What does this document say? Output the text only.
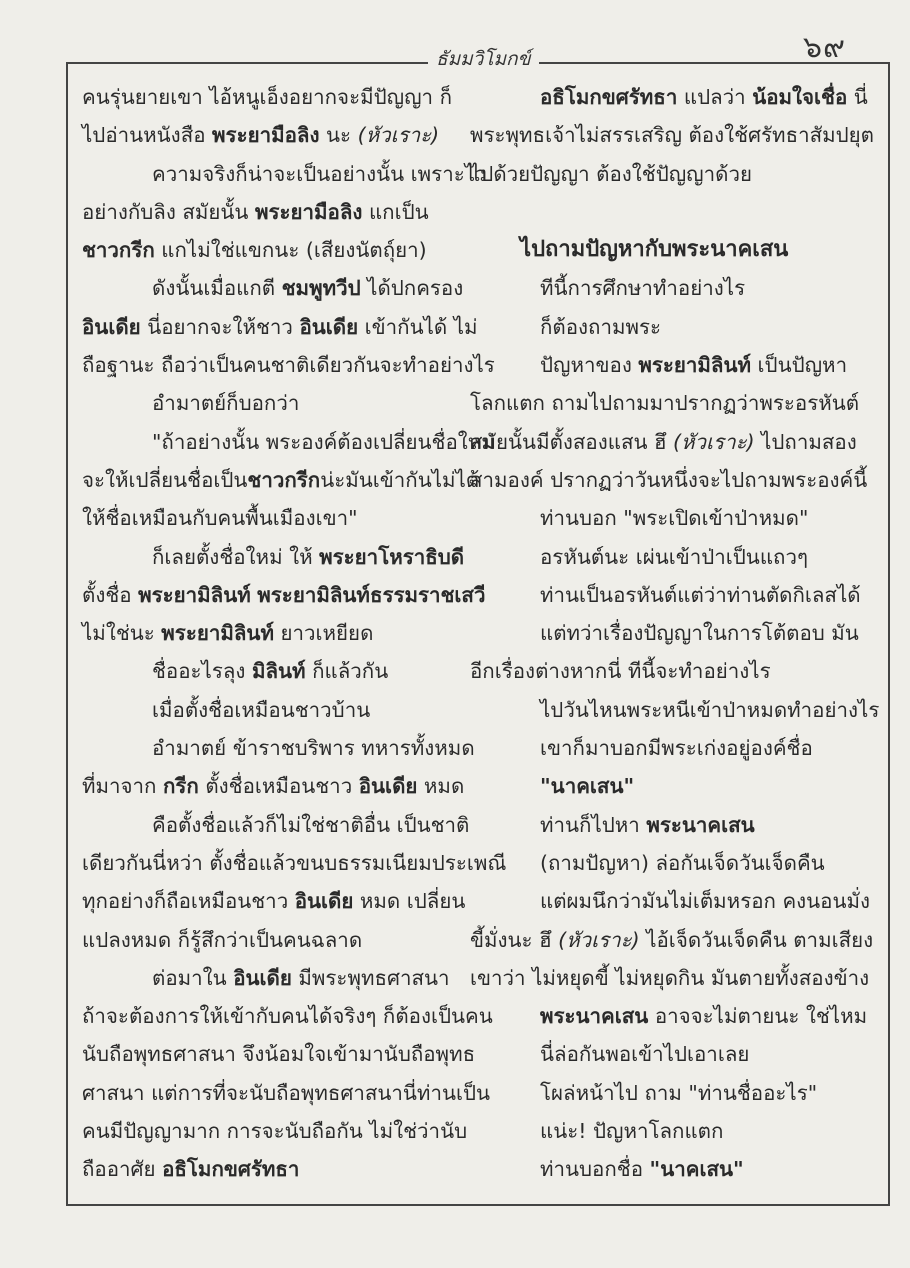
๖๙
ธัมมวิโมกข์
คนรุ่นยายเขา ไอ้หนูเอ็งอยากจะมีปัญญา ก็
ไปอ่านหนังสือ พระยามือลิง นะ (หัวเราะ)
ความจริงก็น่าจะเป็นอย่างนั้น เพราะไว
อย่างกับลิง สมัยนั้น พระยามือลิง แกเป็น
ชาวกรีก แกไม่ใช่แขกนะ (เสียงนัตถุ์ยา)
ดังนั้นเมื่อแกตี ชมพูทวีป ได้ปกครอง
อินเดีย นี่อยากจะให้ชาว อินเดีย เข้ากันได้ ไม่
ถือฐานะ ถือว่าเป็นคนชาติเดียวกันจะทำอย่างไร
อำมาตย์ก็บอกว่า
"ถ้าอย่างนั้น พระองค์ต้องเปลี่ยนชื่อใหม่
จะให้เปลี่ยนชื่อเป็นชาวกรีกน่ะมันเข้ากันไม่ได้
ให้ชื่อเหมือนกับคนพื้นเมืองเขา"
ก็เลยตั้งชื่อใหม่ ให้ พระยาโหราธิบดี
ตั้งชื่อ พระยามิลินท์ พระยามิลินท์ธรรมราชเสวี
ไม่ใช่นะ พระยามิลินท์ ยาวเหยียด
ชื่ออะไรลุง มิลินท์ ก็แล้วกัน
เมื่อตั้งชื่อเหมือนชาวบ้าน
อำมาตย์ ข้าราชบริพาร ทหารทั้งหมด
ที่มาจาก กรีก ตั้งชื่อเหมือนชาว อินเดีย หมด
คือตั้งชื่อแล้วก็ไม่ใช่ชาติอื่น เป็นชาติ
เดียวกันนี่หว่า ตั้งชื่อแล้วขนบธรรมเนียมประเพณี
ทุกอย่างก็ถือเหมือนชาว อินเดีย หมด เปลี่ยน
แปลงหมด ก็รู้สึกว่าเป็นคนฉลาด
ต่อมาใน อินเดีย มีพระพุทธศาสนา
ถ้าจะต้องการให้เข้ากับคนได้จริงๆ ก็ต้องเป็นคน
นับถือพุทธศาสนา จึงน้อมใจเข้ามานับถือพุทธ
ศาสนา แต่การที่จะนับถือพุทธศาสนานี่ท่านเป็น
คนมีปัญญามาก การจะนับถือกัน ไม่ใช่ว่านับ
ถืออาศัย อธิโมกขศรัทธา
อธิโมกขศรัทธา แปลว่า น้อมใจเชื่อ นี่
พระพุทธเจ้าไม่สรรเสริญ ต้องใช้ศรัทธาสัมปยุต
ไปด้วยปัญญา ต้องใช้ปัญญาด้วย
ไปถามปัญหากับพระนาคเสน
ทีนี้การศึกษาทำอย่างไร
ก็ต้องถามพระ
ปัญหาของ พระยามิลินท์ เป็นปัญหา
โลกแตก ถามไปถามมาปรากฏว่าพระอรหันต์
สมัยนั้นมีตั้งสองแสน ฮึ (หัวเราะ) ไปถามสอง
สามองค์ ปรากฏว่าวันหนึ่งจะไปถามพระองค์นี้
ท่านบอก "พระเปิดเข้าป่าหมด"
อรหันต์นะ เผ่นเข้าป่าเป็นแถวๆ
ท่านเป็นอรหันต์แต่ว่าท่านตัดกิเลสได้
แต่ทว่าเรื่องปัญญาในการโต้ตอบ มัน
อีกเรื่องต่างหากนี่ ทีนี้จะทำอย่างไร
ไปวันไหนพระหนีเข้าป่าหมดทำอย่างไร
เขาก็มาบอกมีพระเก่งอยู่องค์ชื่อ
"นาคเสน"
ท่านก็ไปหา พระนาคเสน
(ถามปัญหา) ล่อกันเจ็ดวันเจ็ดคืน
แต่ผมนึกว่ามันไม่เต็มหรอก คงนอนมั่ง
ขี้มั่งนะ ฮึ (หัวเราะ) ไอ้เจ็ดวันเจ็ดคืน ตามเสียง
เขาว่า ไม่หยุดขี้ ไม่หยุดกิน มันตายทั้งสองข้าง
พระนาคเสน อาจจะไม่ตายนะ ใช่ไหม
นี่ล่อกันพอเข้าไปเอาเลย
โผล่หน้าไป ถาม "ท่านชื่ออะไร"
แน่ะ! ปัญหาโลกแตก
ท่านบอกชื่อ "นาคเสน"
